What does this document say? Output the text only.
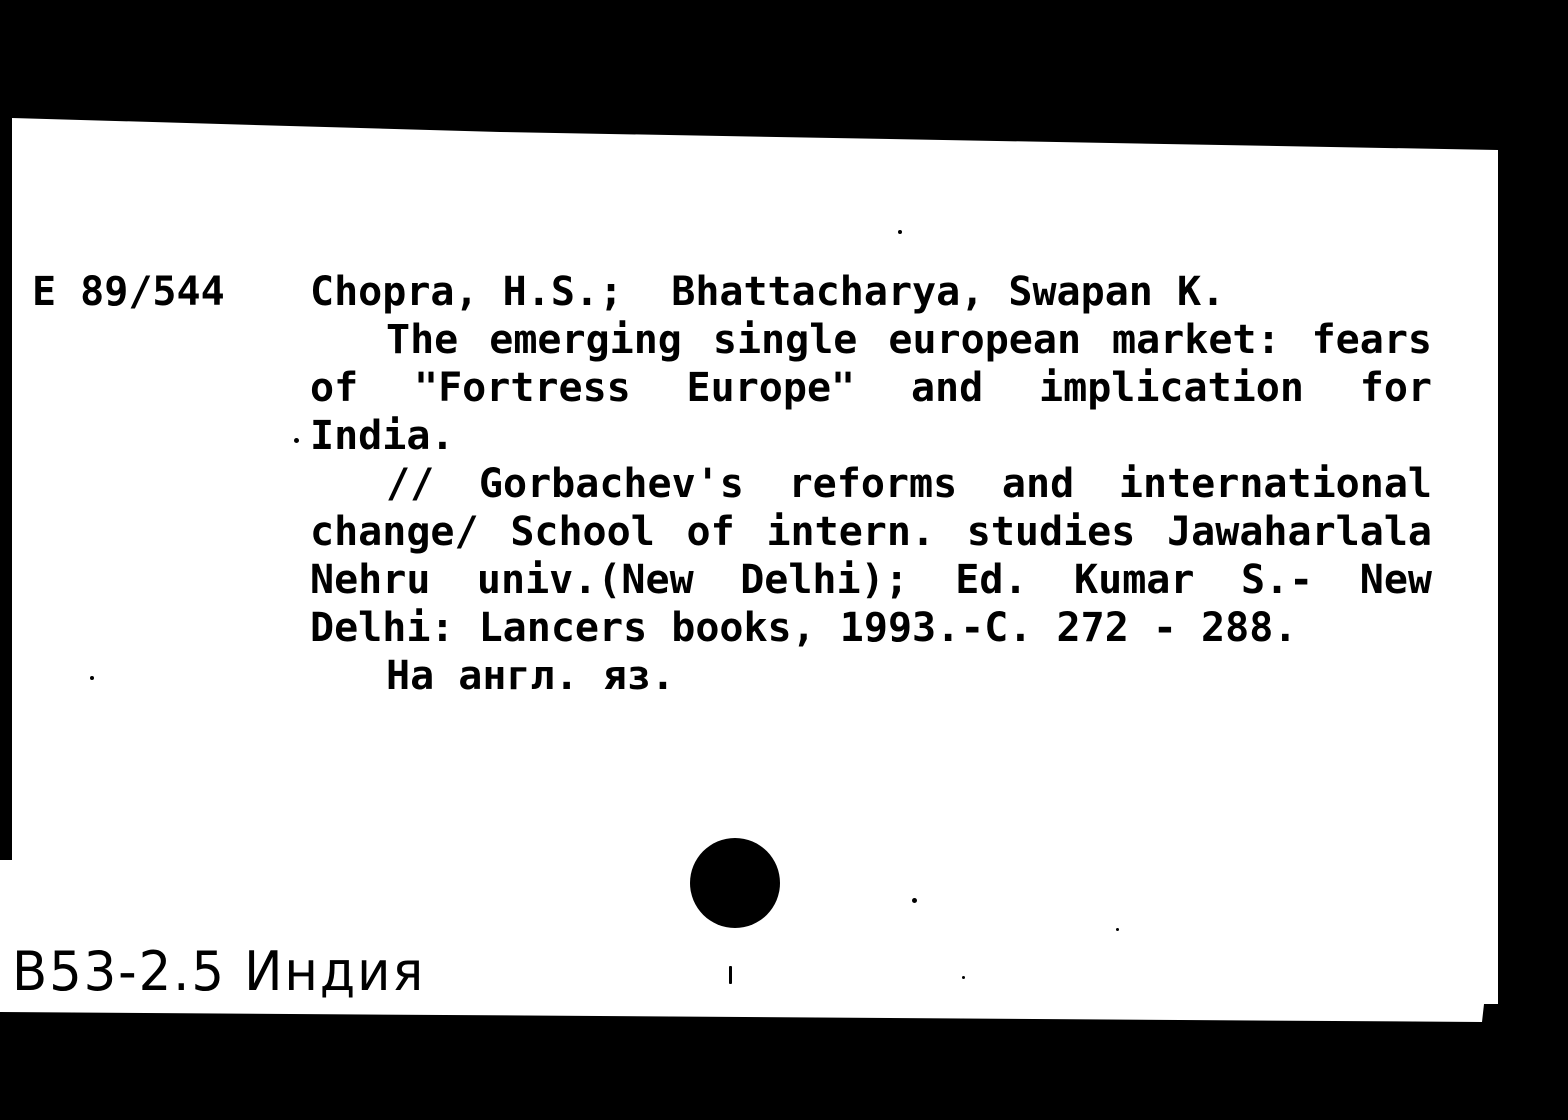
E 89/544 Chopra, H.S.;  Bhattacharya, Swapan K.
The emerging single european market: fears
of "Fortress Europe" and implication for
India.
// Gorbachev's reforms and international
change/ School of intern. studies Jawaharlala
Nehru univ.(New Delhi); Ed. Kumar S.- New
Delhi: Lancers books, 1993.-C. 272 - 288.
На англ. яз.
B53-2.5 Индия
